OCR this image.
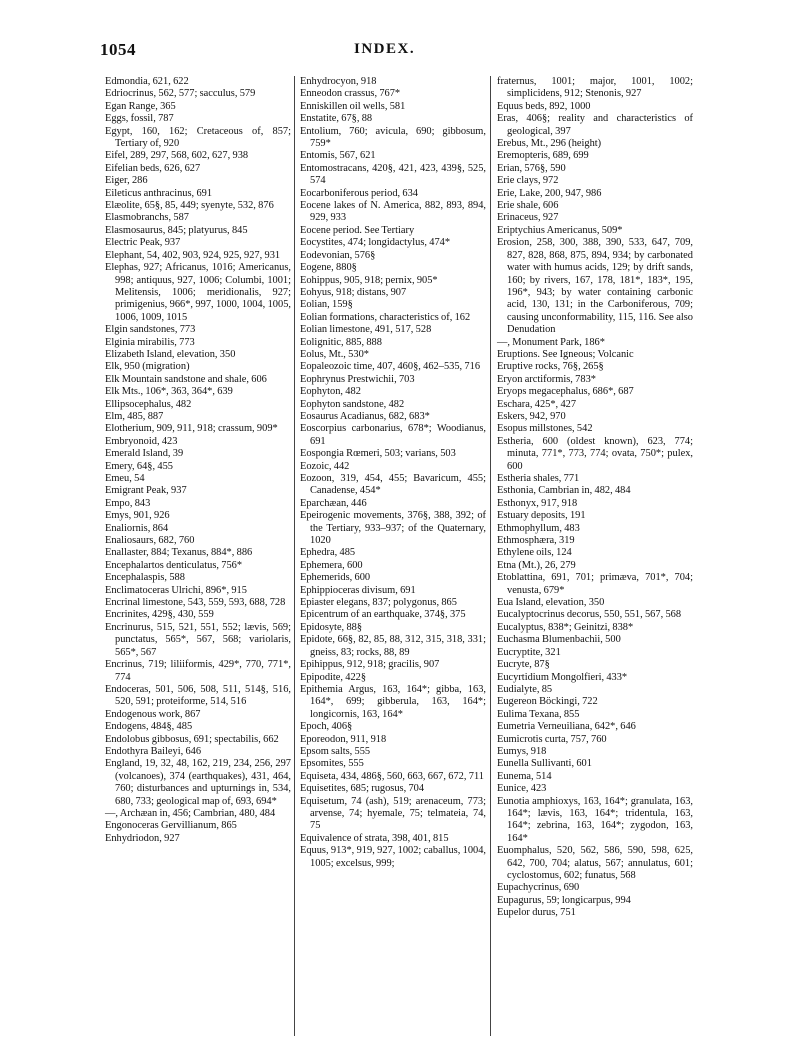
1054	INDEX.

Edmondia, 621, 622

Edriocrinus, 562, 577; sacculus, 579

Egan Range, 365

Eggs, fossil, 787

Egypt, 160, 162; Cretaceous of, 857; Tertiary of, 920

Eifel, 289, 297, 568, 602, 627, 938

Eifelian beds, 626, 627

Eiger, 286

Eileticus anthracinus, 691

Elæolite, 65§, 85, 449; syenyte, 532, 876

Elasmobranchs, 587

Elasmosaurus, 845; platyurus, 845

Electric Peak, 937

Elephant, 54, 402, 903, 924, 925, 927, 931

Elephas, 927; Africanus, 1016; Americanus, 998; antiquus, 927, 1006; Columbi, 1001; Melitensis, 1006; meridionalis, 927; primigenius, 966*, 997, 1000, 1004, 1005, 1006, 1009, 1015

Elgin sandstones, 773

Elginia mirabilis, 773

Elizabeth Island, elevation, 350

Elk, 950 (migration)

Elk Mountain sandstone and shale, 606

Elk Mts., 106*, 363, 364*, 639

Ellipsocephalus, 482

Elm, 485, 887

Elotherium, 909, 911, 918; crassum, 909*

Embryonoid, 423

Emerald Island, 39

Emery, 64§, 455

Emeu, 54

Emigrant Peak, 937

Empo, 843

Emys, 901, 926

Enaliornis, 864

Enaliosaurs, 682, 760

Enallaster, 884; Texanus, 884*, 886

Encephalartos denticulatus, 756*

Encephalaspis, 588

Enclimatoceras Ulrichi, 896*, 915

Encrinal limestone, 543, 559, 593, 688, 728

Encrinites, 429§, 430, 559

Encrinurus, 515, 521, 551, 552; lævis, 569; punctatus, 565*, 567, 568; variolaris, 565*, 567

Encrinus, 719; liliiformis, 429*, 770, 771*, 774

Endoceras, 501, 506, 508, 511, 514§, 516, 520, 591; proteiforme, 514, 516

Endogenous work, 867

Endogens, 484§, 485

Endolobus gibbosus, 691; spectabilis, 662

Endothyra Baileyi, 646

England, 19, 32, 48, 162, 219, 234, 256, 297 (volcanoes), 374 (earthquakes), 431, 464, 760; disturbances and upturnings in, 534, 680, 733; geological map of, 693, 694*

—, Archæan in, 456; Cambrian, 480, 484

Engonoceras Gervillianum, 865

Enhydriodon, 927

Enhydrocyon, 918

Enneodon crassus, 767*

Enniskillen oil wells, 581

Enstatite, 67§, 88

Entolium, 760; avicula, 690; gibbosum, 759*

Entomis, 567, 621

Entomostracans, 420§, 421, 423, 439§, 525, 574

Eocarboniferous period, 634

Eocene lakes of N. America, 882, 893, 894, 929, 933

Eocene period. See Tertiary

Eocystites, 474; longidactylus, 474*

Eodevonian, 576§

Eogene, 880§

Eohippus, 905, 918; pernix, 905*

Eohyus, 918; distans, 907

Eolian, 159§

Eolian formations, characteristics of, 162

Eolian limestone, 491, 517, 528

Eolignitic, 885, 888

Eolus, Mt., 530*

Eopaleozoic time, 407, 460§, 462–535, 716

Eophrynus Prestwichii, 703

Eophyton, 482

Eophyton sandstone, 482

Eosaurus Acadianus, 682, 683*

Eoscorpius carbonarius, 678*; Woodianus, 691

Eospongia Rœmeri, 503; varians, 503

Eozoic, 442

Eozoon, 319, 454, 455; Bavaricum, 455; Canadense, 454*

Eparchæan, 446

Epeirogenic movements, 376§, 388, 392; of the Tertiary, 933–937; of the Quaternary, 1020

Ephedra, 485

Ephemera, 600

Ephemerids, 600

Ephippioceras divisum, 691

Epiaster elegans, 837; polygonus, 865

Epicentrum of an earthquake, 374§, 375

Epidosyte, 88§

Epidote, 66§, 82, 85, 88, 312, 315, 318, 331; gneiss, 83; rocks, 88, 89

Epihippus, 912, 918; gracilis, 907

Epipodite, 422§

Epithemia Argus, 163, 164*; gibba, 163, 164*, 699; gibberula, 163, 164*; longicornis, 163, 164*

Epoch, 406§

Eporeodon, 911, 918

Epsom salts, 555

Epsomites, 555

Equiseta, 434, 486§, 560, 663, 667, 672, 711

Equisetites, 685; rugosus, 704

Equisetum, 74 (ash), 519; arenaceum, 773; arvense, 74; hyemale, 75; telmateia, 74, 75

Equivalence of strata, 398, 401, 815

Equus, 913*, 919, 927, 1002; caballus, 1004, 1005; excelsus, 999;

fraternus, 1001; major, 1001, 1002; simplicidens, 912; Stenonis, 927

Equus beds, 892, 1000

Eras, 406§; reality and characteristics of geological, 397

Erebus, Mt., 296 (height)

Eremopteris, 689, 699

Erian, 576§, 590

Erie clays, 972

Erie, Lake, 200, 947, 986

Erie shale, 606

Erinaceus, 927

Eriptychius Americanus, 509*

Erosion, 258, 300, 388, 390, 533, 647, 709, 827, 828, 868, 875, 894, 934; by carbonated water with humus acids, 129; by drift sands, 160; by rivers, 167, 178, 181*, 183*, 195, 196*, 943; by water containing carbonic acid, 130, 131; in the Carboniferous, 709; causing unconformability, 115, 116. See also Denudation

—, Monument Park, 186*

Eruptions. See Igneous; Volcanic

Eruptive rocks, 76§, 265§

Eryon arctiformis, 783*

Eryops megacephalus, 686*, 687

Eschara, 425*, 427

Eskers, 942, 970

Esopus millstones, 542

Estheria, 600 (oldest known), 623, 774; minuta, 771*, 773, 774; ovata, 750*; pulex, 600

Estheria shales, 771

Esthonia, Cambrian in, 482, 484

Esthonyx, 917, 918

Estuary deposits, 191

Ethmophyllum, 483

Ethmosphæra, 319

Ethylene oils, 124

Etna (Mt.), 26, 279

Etoblattina, 691, 701; primæva, 701*, 704; venusta, 679*

Eua Island, elevation, 350

Eucalyptocrinus decorus, 550, 551, 567, 568

Eucalyptus, 838*; Geinitzi, 838*

Euchasma Blumenbachii, 500

Eucryptite, 321

Eucryte, 87§

Eucyrtidium Mongolfieri, 433*

Eudialyte, 85

Eugereon Böckingi, 722

Eulima Texana, 855

Eumetria Verneuiliana, 642*, 646

Eumicrotis curta, 757, 760

Eumys, 918

Eunella Sullivanti, 601

Eunema, 514

Eunice, 423

Eunotia amphioxys, 163, 164*; granulata, 163, 164*; lævis, 163, 164*; tridentula, 163, 164*; zebrina, 163, 164*; zygodon, 163, 164*

Euomphalus, 520, 562, 586, 590, 598, 625, 642, 700, 704; alatus, 567; annulatus, 601; cyclostomus, 602; funatus, 568

Eupachycrinus, 690

Eupagurus, 59; longicarpus, 994

Eupelor durus, 751
